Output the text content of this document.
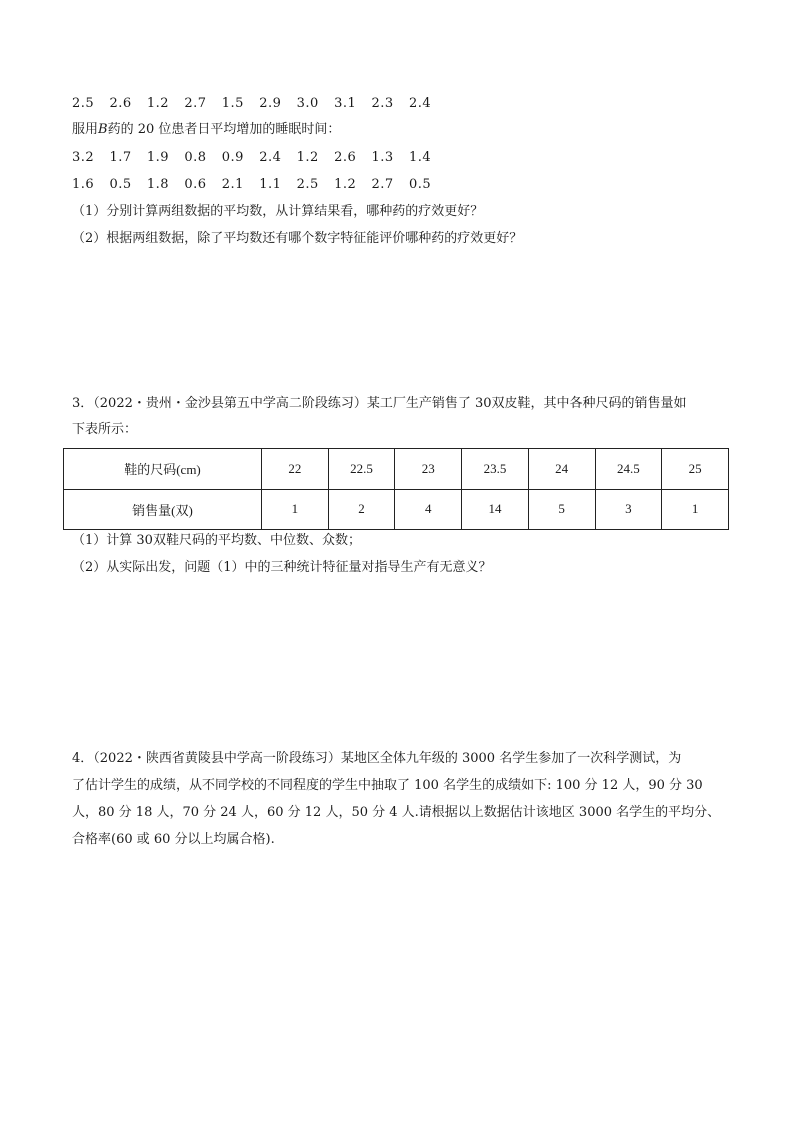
2.5  2.6  1.2  2.7  1.5  2.9  3.0  3.1  2.3  2.4
服用B药的 20 位患者日平均增加的睡眠时间：
3.2  1.7  1.9  0.8  0.9  2.4  1.2  2.6  1.3  1.4
1.6  0.5  1.8  0.6  2.1  1.1  2.5  1.2  2.7  0.5
（1）分别计算两组数据的平均数，从计算结果看，哪种药的疗效更好？
（2）根据两组数据，除了平均数还有哪个数字特征能评价哪种药的疗效更好？
3．（2022・贵州・金沙县第五中学高二阶段练习）某工厂生产销售了 30双皮鞋，其中各种尺码的销售量如
下表所示：
鞋的尺码(cm)	22	22.5	23	23.5	24	24.5	25
销售量(双)	1	2	4	14	5	3	1
（1）计算 30双鞋尺码的平均数、中位数、众数；
（2）从实际出发，问题（1）中的三种统计特征量对指导生产有无意义？
4．（2022・陕西省黄陵县中学高一阶段练习）某地区全体九年级的 3000 名学生参加了一次科学测试，为
了估计学生的成绩，从不同学校的不同程度的学生中抽取了 100 名学生的成绩如下: 100 分 12 人，90 分 30
人，80 分 18 人，70 分 24 人，60 分 12 人，50 分 4 人.请根据以上数据估计该地区 3000 名学生的平均分、
合格率(60 或 60 分以上均属合格).
